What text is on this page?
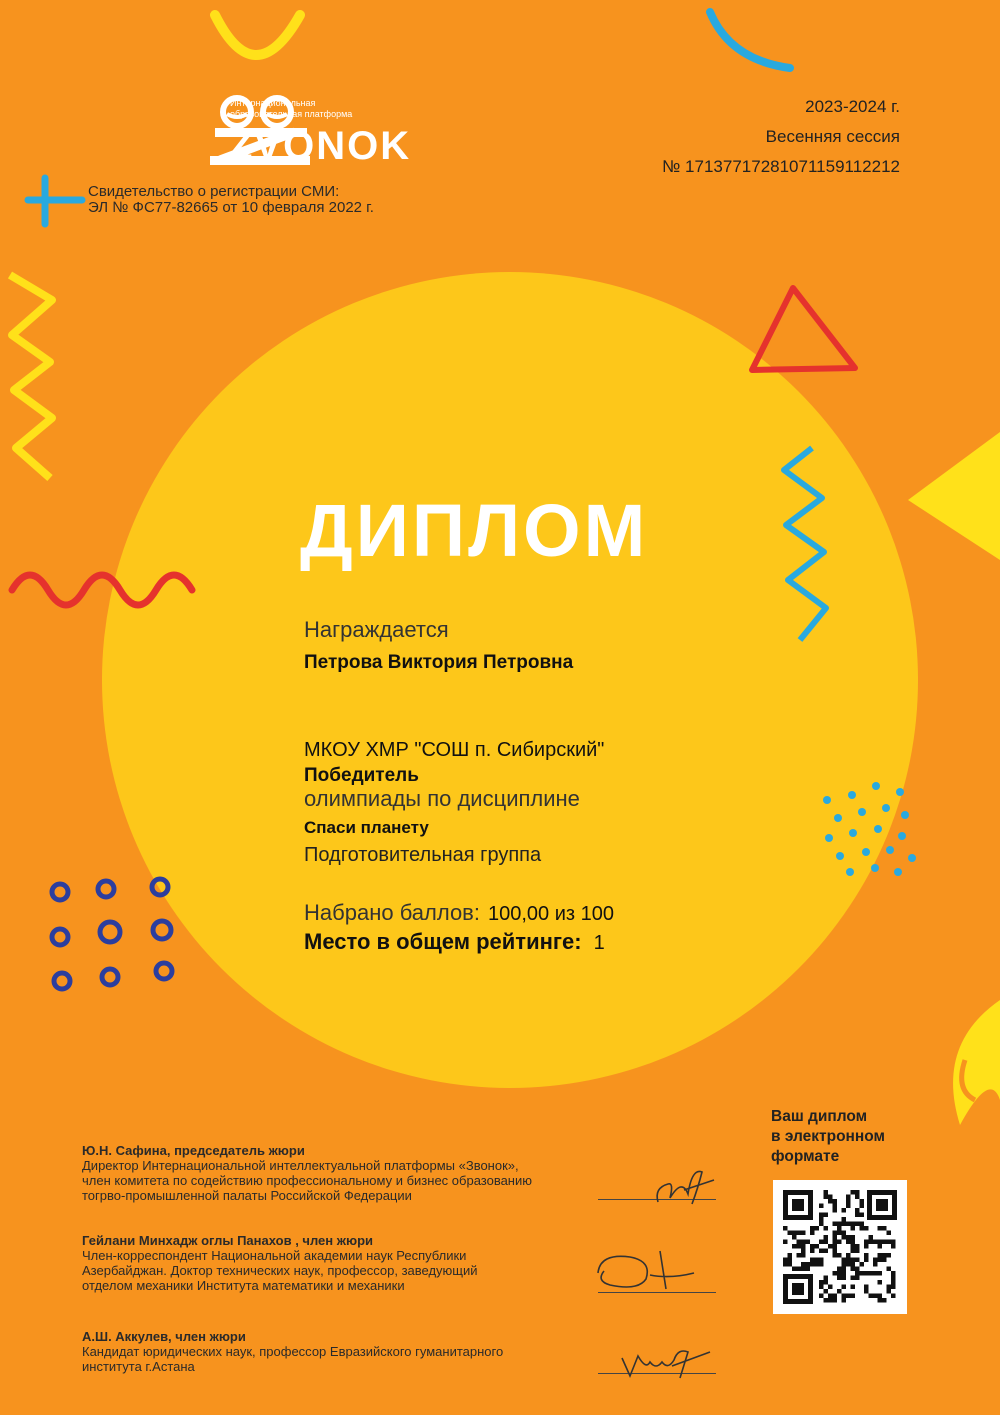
Интернациональная
образовательная платформа
ZVONOK
Свидетельство о регистрации СМИ:
ЭЛ № ФС77-82665 от 10 февраля 2022 г.
2023-2024 г.
Весенняя сессия
№ 17137717281071159112212
ДИПЛОМ
Награждается
Петрова Виктория Петровна
МКОУ ХМР "СОШ п. Сибирский"
Победитель
олимпиады по дисциплине
Спаси планету
Подготовительная группа
Набрано баллов: 100,00 из 100
Место в общем рейтинге: 1
Ю.Н. Сафина, председатель жюри
Директор Интернациональной интеллектуальной платформы «Звонок»,
член комитета по содействию профессиональному и бизнес образованию
тогрво-промышленной палаты Российской Федерации
Гейлани Минхадж оглы Панахов , член жюри
Член-корреспондент Национальной академии наук Республики
Азербайджан. Доктор технических наук, профессор, заведующий
отделом механики Института математики и механики
А.Ш. Аккулев, член жюри
Кандидат юридических наук, профессор Евразийского гуманитарного
института г.Астана
Ваш диплом
в электронном
формате
